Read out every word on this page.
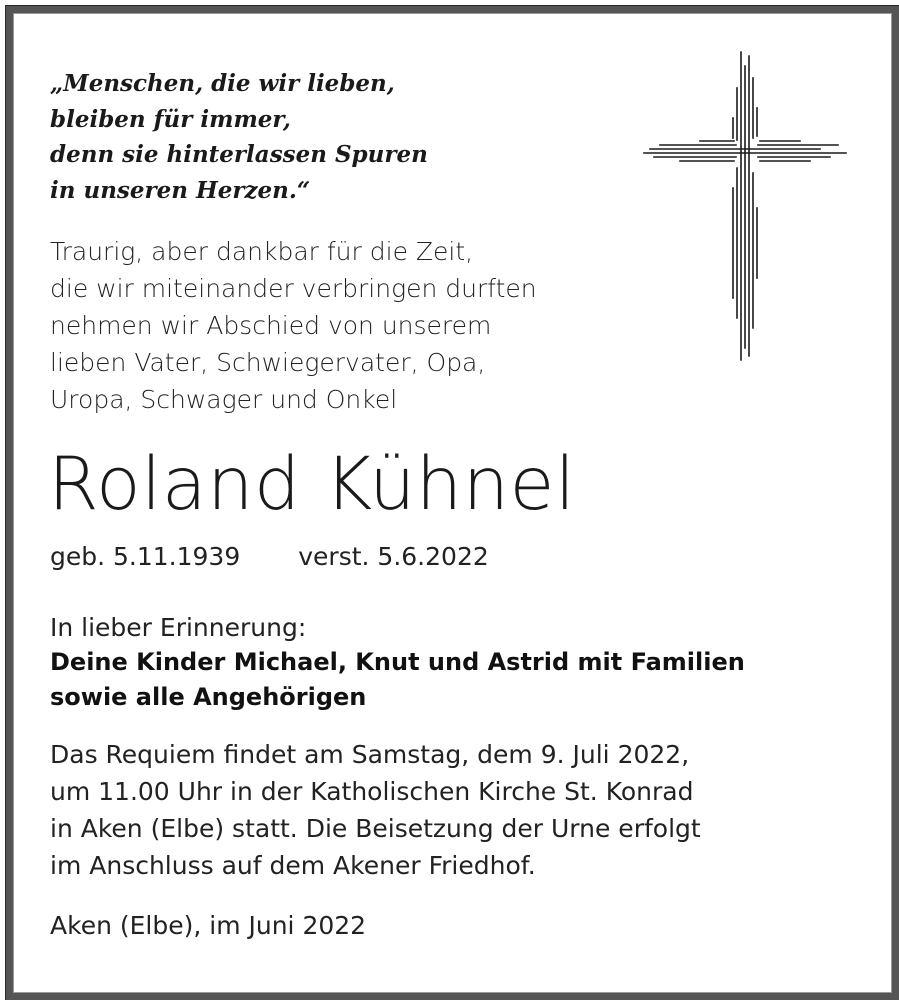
„Menschen, die wir lieben,
bleiben für immer,
denn sie hinterlassen Spuren
in unseren Herzen.“
Traurig, aber dankbar für die Zeit,
die wir miteinander verbringen durften
nehmen wir Abschied von unserem
lieben Vater, Schwiegervater, Opa,
Uropa, Schwager und Onkel
Roland Kühnel
geb. 5.11.1939 verst. 5.6.2022
In lieber Erinnerung:
Deine Kinder Michael, Knut und Astrid mit Familien
sowie alle Angehörigen
Das Requiem findet am Samstag, dem 9. Juli 2022,
um 11.00 Uhr in der Katholischen Kirche St. Konrad
in Aken (Elbe) statt. Die Beisetzung der Urne erfolgt
im Anschluss auf dem Akener Friedhof.
Aken (Elbe), im Juni 2022
